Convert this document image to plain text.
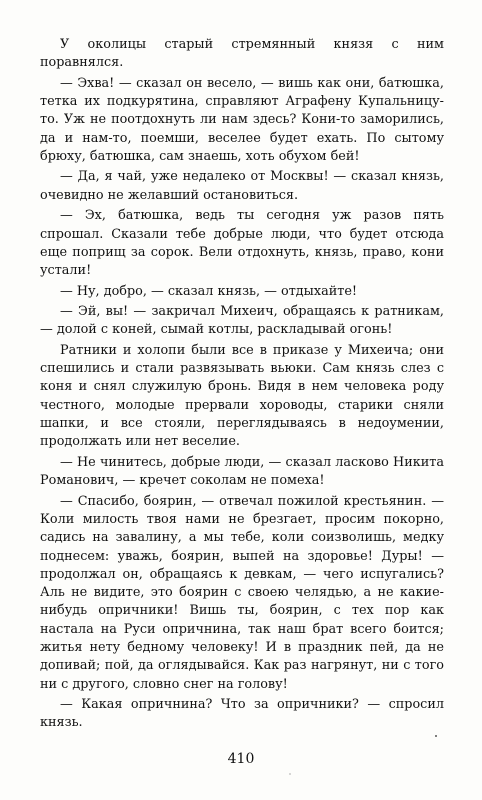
У околицы старый стремянный князя с ним поравнялся.

— Эхва! — сказал он весело, — вишь как они, батюшка, тетка их подкурятина, справляют Аграфену Купальницу-то. Уж не поотдохнуть ли нам здесь? Кони-то заморились, да и нам-то, поемши, веселее будет ехать. По сытому брюху, батюшка, сам знаешь, хоть обухом бей!

— Да, я чай, уже недалеко от Москвы! — сказал князь, очевидно не желавший остановиться.

— Эх, батюшка, ведь ты сегодня уж разов пять спрошал. Сказали тебе добрые люди, что будет отсюда еще поприщ за сорок. Вели отдохнуть, князь, право, кони устали!

— Ну, добро, — сказал князь, — отдыхайте!

— Эй, вы! — закричал Михеич, обращаясь к ратникам, — долой с коней, сымай котлы, раскладывай огонь!

Ратники и холопи были все в приказе у Михеича; они спешились и стали развязывать вьюки. Сам князь слез с коня и снял служилую бронь. Видя в нем человека роду честного, молодые прервали хороводы, старики сняли шапки, и все стояли, переглядываясь в недоумении, продолжать или нет веселие.

— Не чинитесь, добрые люди, — сказал ласково Никита Романович, — кречет соколам не помеха!

— Спасибо, боярин, — отвечал пожилой крестьянин. — Коли милость твоя нами не брезгает, просим покорно, садись на завалину, а мы тебе, коли соизволишь, медку поднесем: уважь, боярин, выпей на здоровье! Дуры! — продолжал он, обращаясь к девкам, — чего испугались? Аль не видите, это боярин с своею челядью, а не какие-нибудь опричники! Вишь ты, боярин, с тех пор как настала на Руси опричнина, так наш брат всего боится; житья нету бедному человеку! И в праздник пей, да не допивай; пой, да оглядывайся. Как раз нагрянут, ни с того ни с другого, словно снег на голову!

— Какая опричнина? Что за опричники? — спросил князь.

410
